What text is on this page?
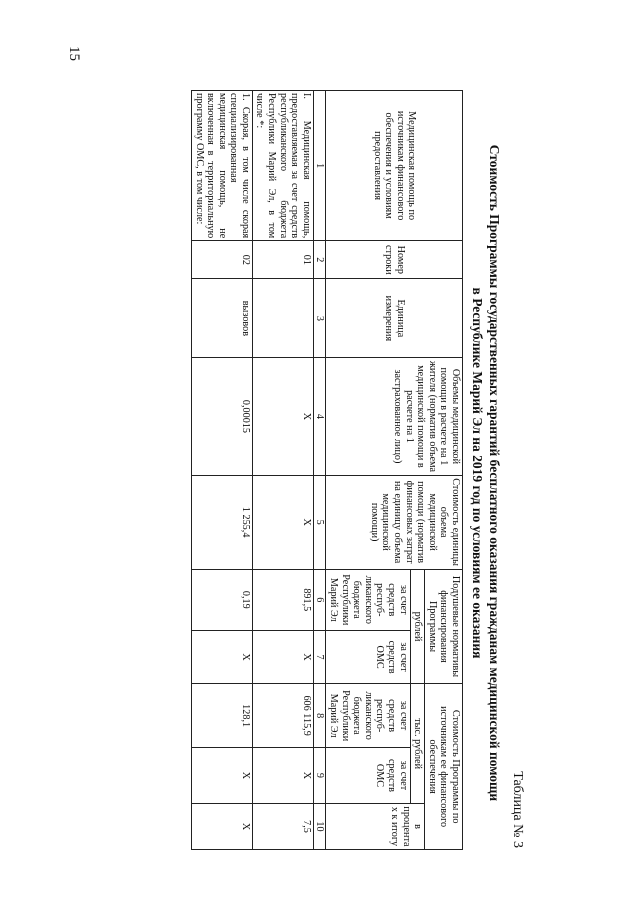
15
Таблица № 3
Стоимость Программы государственных гарантий бесплатного оказания гражданам медицинской помощи
в Республике Марий Эл на 2019 год по условиям ее оказания
Медицинская помощь по источникам финансового обеспечения и условиям предоставления	Номер строки	Единица измерения	Объемы медицинской помощи в расчете на 1 жителя (норматив объема медицинской помощи в расчете на 1 застрахованное лицо)	Стоимость единицы объема медицинской помощи (норматив финансовых затрат на единицу объема медицинской помощи)	Подушевые нормативы финансирования Программы		Стоимость Программы по источникам ее финансового обеспечения		
					рублей		тыс. рублей		в процентах к итогу
					за счет средств респуб- ликанского бюджета Республики Марий Эл	за счет средств ОМС	за счет средств респуб- ликанского бюджета Республики Марий Эл	за счет средств ОМС	
1	2	3	4	5	6	7	8	9	10
I. Медицинская помощь, предоставляемая за счет средств республиканского бюджета Республики Марий Эл, в том числе *:	01		Х	Х	891,5	Х	606 115,9	Х	7,5
1. Скорая, в том числе скорая специализированная медицинская помощь, не включенная в территориальную программу ОМС, в том числе:	02	вызовов	0,00015	1 255,4	0,19	Х	128,1	Х	Х
